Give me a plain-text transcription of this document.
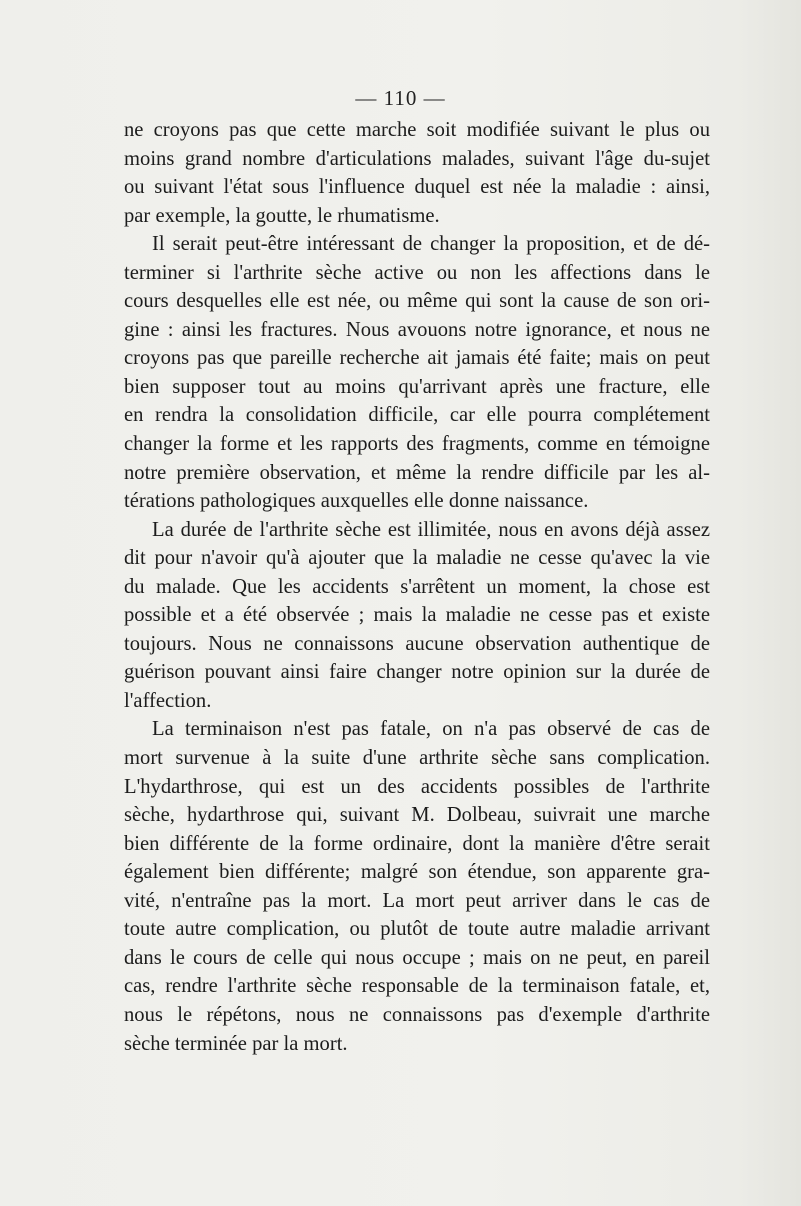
— 110 —
ne croyons pas que cette marche soit modifiée suivant le plus ou
moins grand nombre d'articulations malades, suivant l'âge du-sujet
ou suivant l'état sous l'influence duquel est née la maladie : ainsi,
par exemple, la goutte, le rhumatisme.
Il serait peut-être intéressant de changer la proposition, et de dé-
terminer si l'arthrite sèche active ou non les affections dans le
cours desquelles elle est née, ou même qui sont la cause de son ori-
gine : ainsi les fractures. Nous avouons notre ignorance, et nous ne
croyons pas que pareille recherche ait jamais été faite; mais on peut
bien supposer tout au moins qu'arrivant après une fracture, elle
en rendra la consolidation difficile, car elle pourra complétement
changer la forme et les rapports des fragments, comme en témoigne
notre première observation, et même la rendre difficile par les al-
térations pathologiques auxquelles elle donne naissance.
La durée de l'arthrite sèche est illimitée, nous en avons déjà assez
dit pour n'avoir qu'à ajouter que la maladie ne cesse qu'avec la vie
du malade. Que les accidents s'arrêtent un moment, la chose est
possible et a été observée ; mais la maladie ne cesse pas et existe
toujours. Nous ne connaissons aucune observation authentique de
guérison pouvant ainsi faire changer notre opinion sur la durée de
l'affection.
La terminaison n'est pas fatale, on n'a pas observé de cas de
mort survenue à la suite d'une arthrite sèche sans complication.
L'hydarthrose, qui est un des accidents possibles de l'arthrite
sèche, hydarthrose qui, suivant M. Dolbeau, suivrait une marche
bien différente de la forme ordinaire, dont la manière d'être serait
également bien différente; malgré son étendue, son apparente gra-
vité, n'entraîne pas la mort. La mort peut arriver dans le cas de
toute autre complication, ou plutôt de toute autre maladie arrivant
dans le cours de celle qui nous occupe ; mais on ne peut, en pareil
cas, rendre l'arthrite sèche responsable de la terminaison fatale, et,
nous le répétons, nous ne connaissons pas d'exemple d'arthrite
sèche terminée par la mort.
